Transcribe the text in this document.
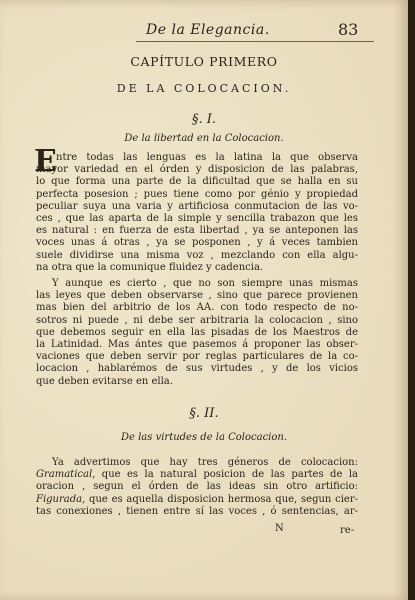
De la Elegancia.	83
CAPÍTULO PRIMERO
DE LA COLOCACION.
§. I.
De la libertad en la Colocacion.
E ntre todas las lenguas es la latina la que observa
mayor variedad en el órden y disposicion de las palabras,
lo que forma una parte de la dificultad que se halla en su
perfecta posesion ; pues tiene como por génio y propiedad
peculiar suya una varia y artificiosa conmutacion de las vo-
ces , que las aparta de la simple y sencilla trabazon que les
es natural : en fuerza de esta libertad , ya se anteponen las
voces unas á otras , ya se posponen , y á veces tambien
suele dividirse una misma voz , mezclando con ella algu-
na otra que la comunique fluidez y cadencia.
Y aunque es cierto , que no son siempre unas mismas
las leyes que deben observarse , sino que parece provienen
mas bien del arbitrio de los AA. con todo respecto de no-
sotros ni puede , ni debe ser arbitraria la colocacion , sino
que debemos seguir en ella las pisadas de los Maestros de
la Latinidad. Mas ántes que pasemos á proponer las obser-
vaciones que deben servir por reglas particulares de la co-
locacion , hablarémos de sus virtudes , y de los vicios
que deben evitarse en ella.
§. II.
De las virtudes de la Colocacion.
Ya advertimos que hay tres géneros de colocacion:
Gramatical , que es la natural posicion de las partes de la
oracion , segun el órden de las ideas sin otro artificio:
Figurada , que es aquella disposicion hermosa que, segun cier-
tas conexiones , tienen entre sí las voces , ó sentencias, ar-
N	re-
